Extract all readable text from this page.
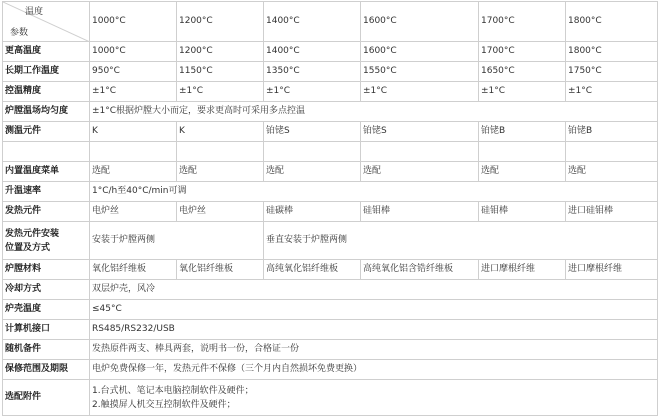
温度
参数	1000°C	1200°C	1400°C	1600°C	1700°C	1800°C
更高温度	1000°C	1200°C	1400°C	1600°C	1700°C	1800°C
长期工作温度	950°C	1150°C	1350°C	1550°C	1650°C	1750°C
控温精度	±1°C	±1°C	±1°C	±1°C	±1°C	±1°C
炉膛温场均匀度	±1°C根据炉膛大小而定，要求更高时可采用多点控温					
测温元件	K	K	铂铑S	铂铑S	铂铑B	铂铑B

内置温度菜单	选配	选配	选配	选配	选配	选配
升温速率	1°C/h至40°C/min可调					
发热元件	电炉丝	电炉丝	硅碳棒	硅钼棒	硅钼棒	进口硅钼棒

发热元件安装
位置及方式	安装于炉膛两侧		垂直安装于炉膛两侧			
炉膛材料	氧化铝纤维板	氧化铝纤维板	高纯氧化铝纤维板	高纯氧化铝含锆纤维板	进口摩根纤维	进口摩根纤维
冷却方式	双层炉壳，风冷					
炉壳温度	≤45°C					
计算机接口	RS485/RS232/USB					
随机备件	发热原件两支、棒具两套，说明书一份，合格证一份					
保修范围及期限	电炉免费保修一年，发热元件不保修（三个月内自然损坏免费更换）					
选配附件	1.台式机、笔记本电脑控制软件及硬件；
2.触摸屏人机交互控制软件及硬件；					
